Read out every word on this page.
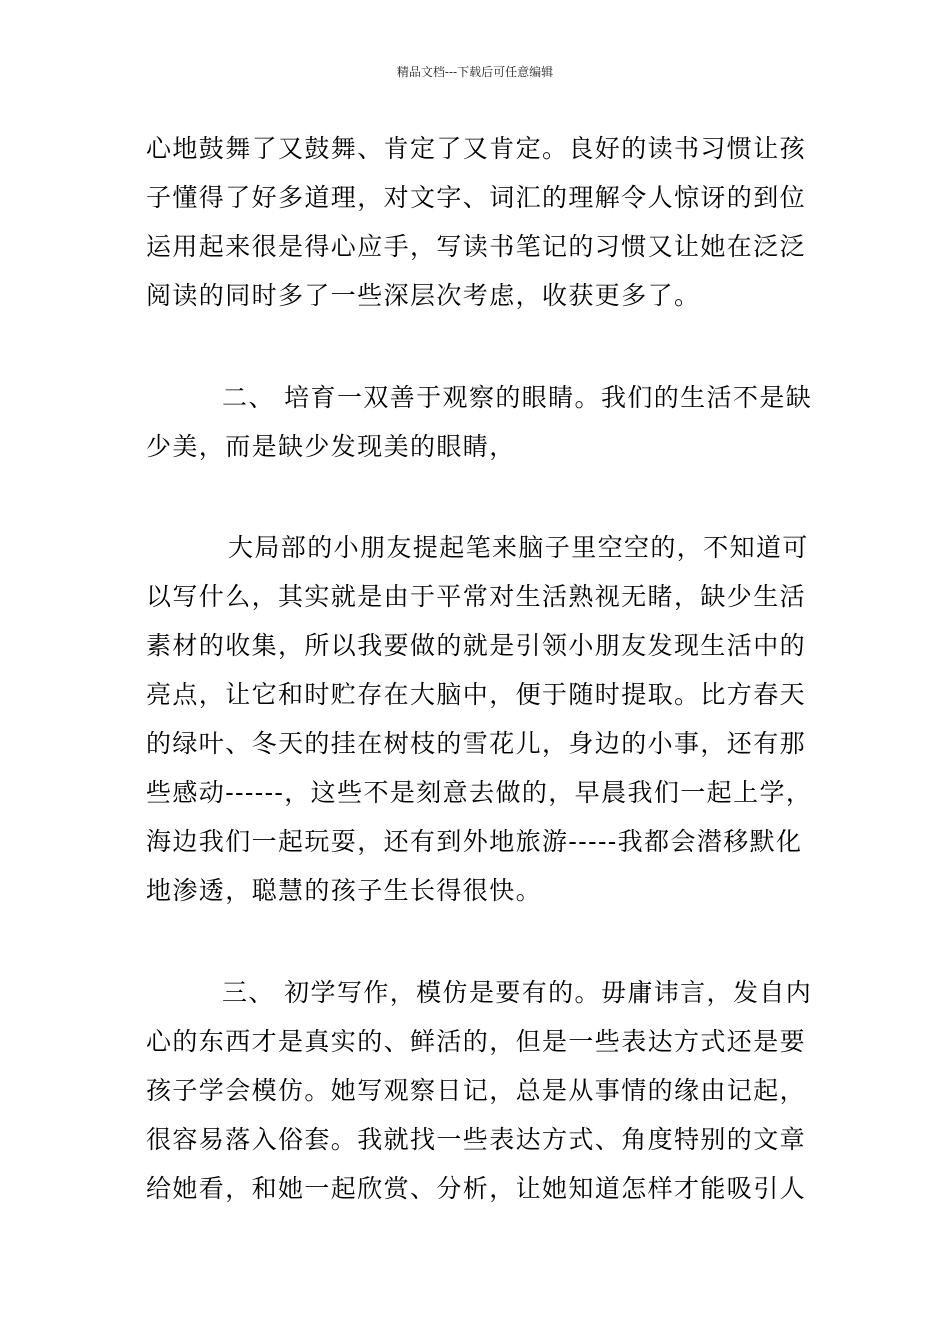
精品文档---下载后可任意编辑
心地鼓舞了又鼓舞、肯定了又肯定。良好的读书习惯让孩
子懂得了好多道理，对文字、词汇的理解令人惊讶的到位
运用起来很是得心应手，写读书笔记的习惯又让她在泛泛
阅读的同时多了一些深层次考虑，收获更多了。
二、 培育一双善于观察的眼睛。我们的生活不是缺
少美，而是缺少发现美的眼睛，
大局部的小朋友提起笔来脑子里空空的，不知道可
以写什么，其实就是由于平常对生活熟视无睹，缺少生活
素材的收集，所以我要做的就是引领小朋友发现生活中的
亮点，让它和时贮存在大脑中，便于随时提取。比方春天
的绿叶、冬天的挂在树枝的雪花儿，身边的小事，还有那
些感动------，这些不是刻意去做的，早晨我们一起上学，
海边我们一起玩耍，还有到外地旅游-----我都会潜移默化
地渗透，聪慧的孩子生长得很快。
三、 初学写作，模仿是要有的。毋庸讳言，发自内
心的东西才是真实的、鲜活的，但是一些表达方式还是要
孩子学会模仿。她写观察日记，总是从事情的缘由记起，
很容易落入俗套。我就找一些表达方式、角度特别的文章
给她看，和她一起欣赏、分析，让她知道怎样才能吸引人
